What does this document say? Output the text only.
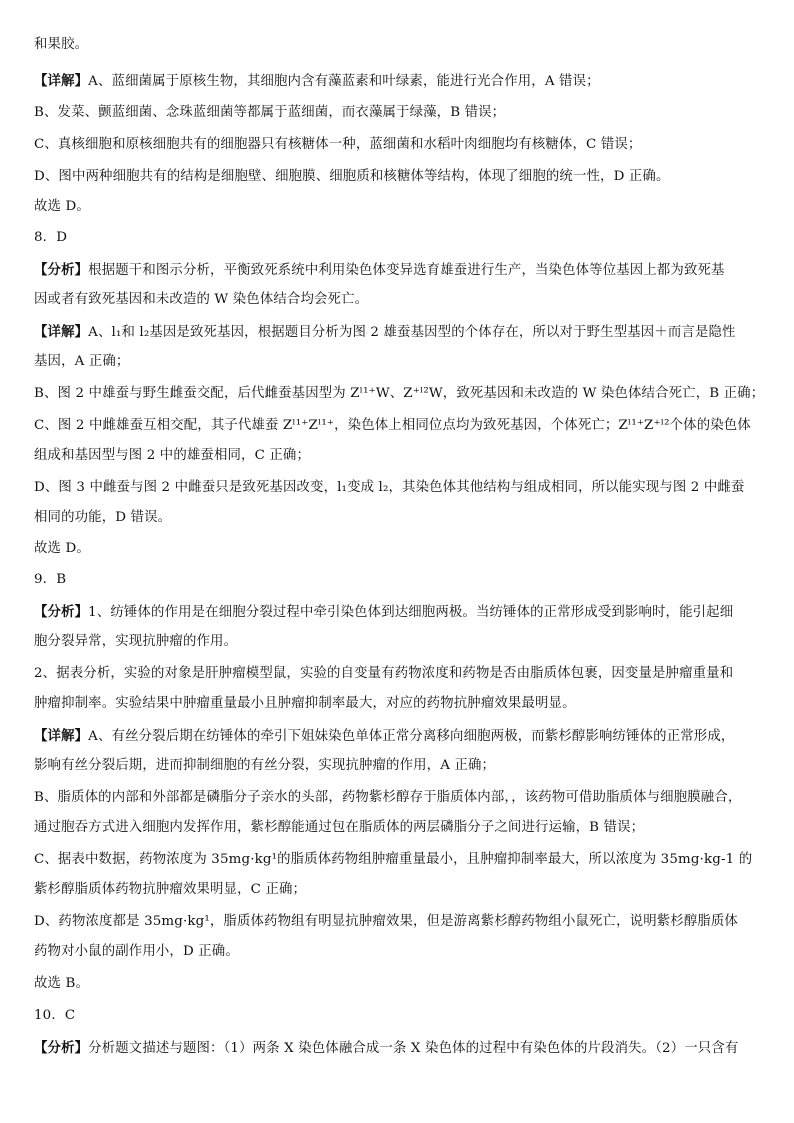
和果胶。
【详解】A、蓝细菌属于原核生物，其细胞内含有藻蓝素和叶绿素，能进行光合作用，A 错误；
B、发菜、颤蓝细菌、念珠蓝细菌等都属于蓝细菌，而衣藻属于绿藻，B 错误；
C、真核细胞和原核细胞共有的细胞器只有核糖体一种，蓝细菌和水稻叶肉细胞均有核糖体，C 错误；
D、图中两种细胞共有的结构是细胞壁、细胞膜、细胞质和核糖体等结构，体现了细胞的统一性，D 正确。
故选 D。
8．D
【分析】根据题干和图示分析，平衡致死系统中利用染色体变异选育雄蚕进行生产，当染色体等位基因上都为致死基
因或者有致死基因和未改造的 W 染色体结合均会死亡。
【详解】A、l₁和 l₂基因是致死基因，根据题目分析为图 2 雄蚕基因型的个体存在，所以对于野生型基因＋而言是隐性
基因，A 正确；
B、图 2 中雄蚕与野生雌蚕交配，后代雌蚕基因型为 Zˡ¹⁺W、Z⁺ˡ²W，致死基因和未改造的 W 染色体结合死亡，B 正确；
C、图 2 中雌雄蚕互相交配，其子代雄蚕 Zˡ¹⁺Zˡ¹⁺，染色体上相同位点均为致死基因，个体死亡；Zˡ¹⁺Z⁺ˡ²个体的染色体
组成和基因型与图 2 中的雄蚕相同，C 正确；
D、图 3 中雌蚕与图 2 中雌蚕只是致死基因改变，l₁变成 l₂，其染色体其他结构与组成相同，所以能实现与图 2 中雌蚕
相同的功能，D 错误。
故选 D。
9．B
【分析】1、纺锤体的作用是在细胞分裂过程中牵引染色体到达细胞两极。当纺锤体的正常形成受到影响时，能引起细
胞分裂异常，实现抗肿瘤的作用。
2、据表分析，实验的对象是肝肿瘤模型鼠，实验的自变量有药物浓度和药物是否由脂质体包裹，因变量是肿瘤重量和
肿瘤抑制率。实验结果中肿瘤重量最小且肿瘤抑制率最大，对应的药物抗肿瘤效果最明显。
【详解】A、有丝分裂后期在纺锤体的牵引下姐妹染色单体正常分离移向细胞两极，而紫杉醇影响纺锤体的正常形成，
影响有丝分裂后期，进而抑制细胞的有丝分裂，实现抗肿瘤的作用，A 正确；
B、脂质体的内部和外部都是磷脂分子亲水的头部，药物紫杉醇存于脂质体内部，，该药物可借助脂质体与细胞膜融合，
通过胞吞方式进入细胞内发挥作用，紫杉醇能通过包在脂质体的两层磷脂分子之间进行运输，B 错误；
C、据表中数据，药物浓度为 35mg·kg¹的脂质体药物组肿瘤重量最小，且肿瘤抑制率最大，所以浓度为 35mg·kg-1 的
紫杉醇脂质体药物抗肿瘤效果明显，C 正确；
D、药物浓度都是 35mg·kg¹，脂质体药物组有明显抗肿瘤效果，但是游离紫杉醇药物组小鼠死亡，说明紫杉醇脂质体
药物对小鼠的副作用小，D 正确。
故选 B。
10．C
【分析】分析题文描述与题图：（1）两条 X 染色体融合成一条 X 染色体的过程中有染色体的片段消失。（2）一只含有
